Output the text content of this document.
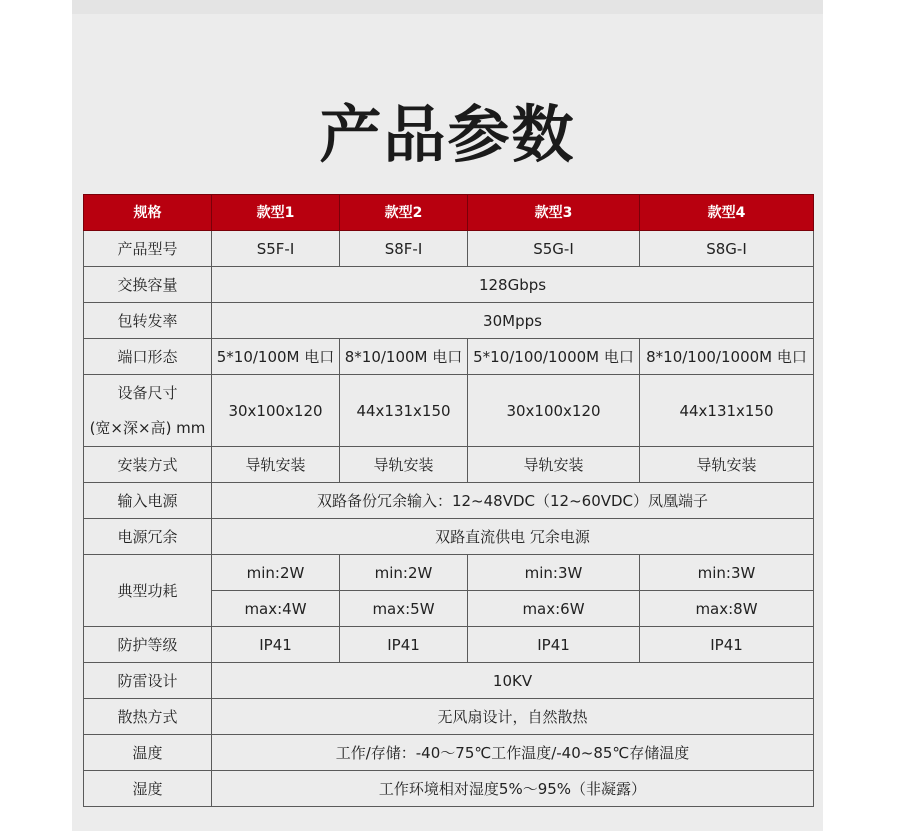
产品参数
规格	款型1	款型2	款型3	款型4
产品型号	S5F-I	S8F-I	S5G-I	S8G-I
交换容量	128Gbps			
包转发率	30Mpps			
端口形态	5*10/100M 电口	8*10/100M 电口	5*10/100/1000M 电口	8*10/100/1000M 电口

设备尺寸
(宽×深×高) mm	30x100x120	44x131x150	30x100x120	44x131x150
安装方式	导轨安装	导轨安装	导轨安装	导轨安装
输入电源	双路备份冗余输入：12~48VDC（12~60VDC）凤凰端子			
电源冗余	双路直流供电 冗余电源			
典型功耗	min:2W	min:2W	min:3W	min:3W
	max:4W	max:5W	max:6W	max:8W
防护等级	IP41	IP41	IP41	IP41
防雷设计	10KV			
散热方式	无风扇设计，自然散热			
温度	工作/存储：-40～75℃工作温度/-40~85℃存储温度			
湿度	工作环境相对湿度5%～95%（非凝露）			
